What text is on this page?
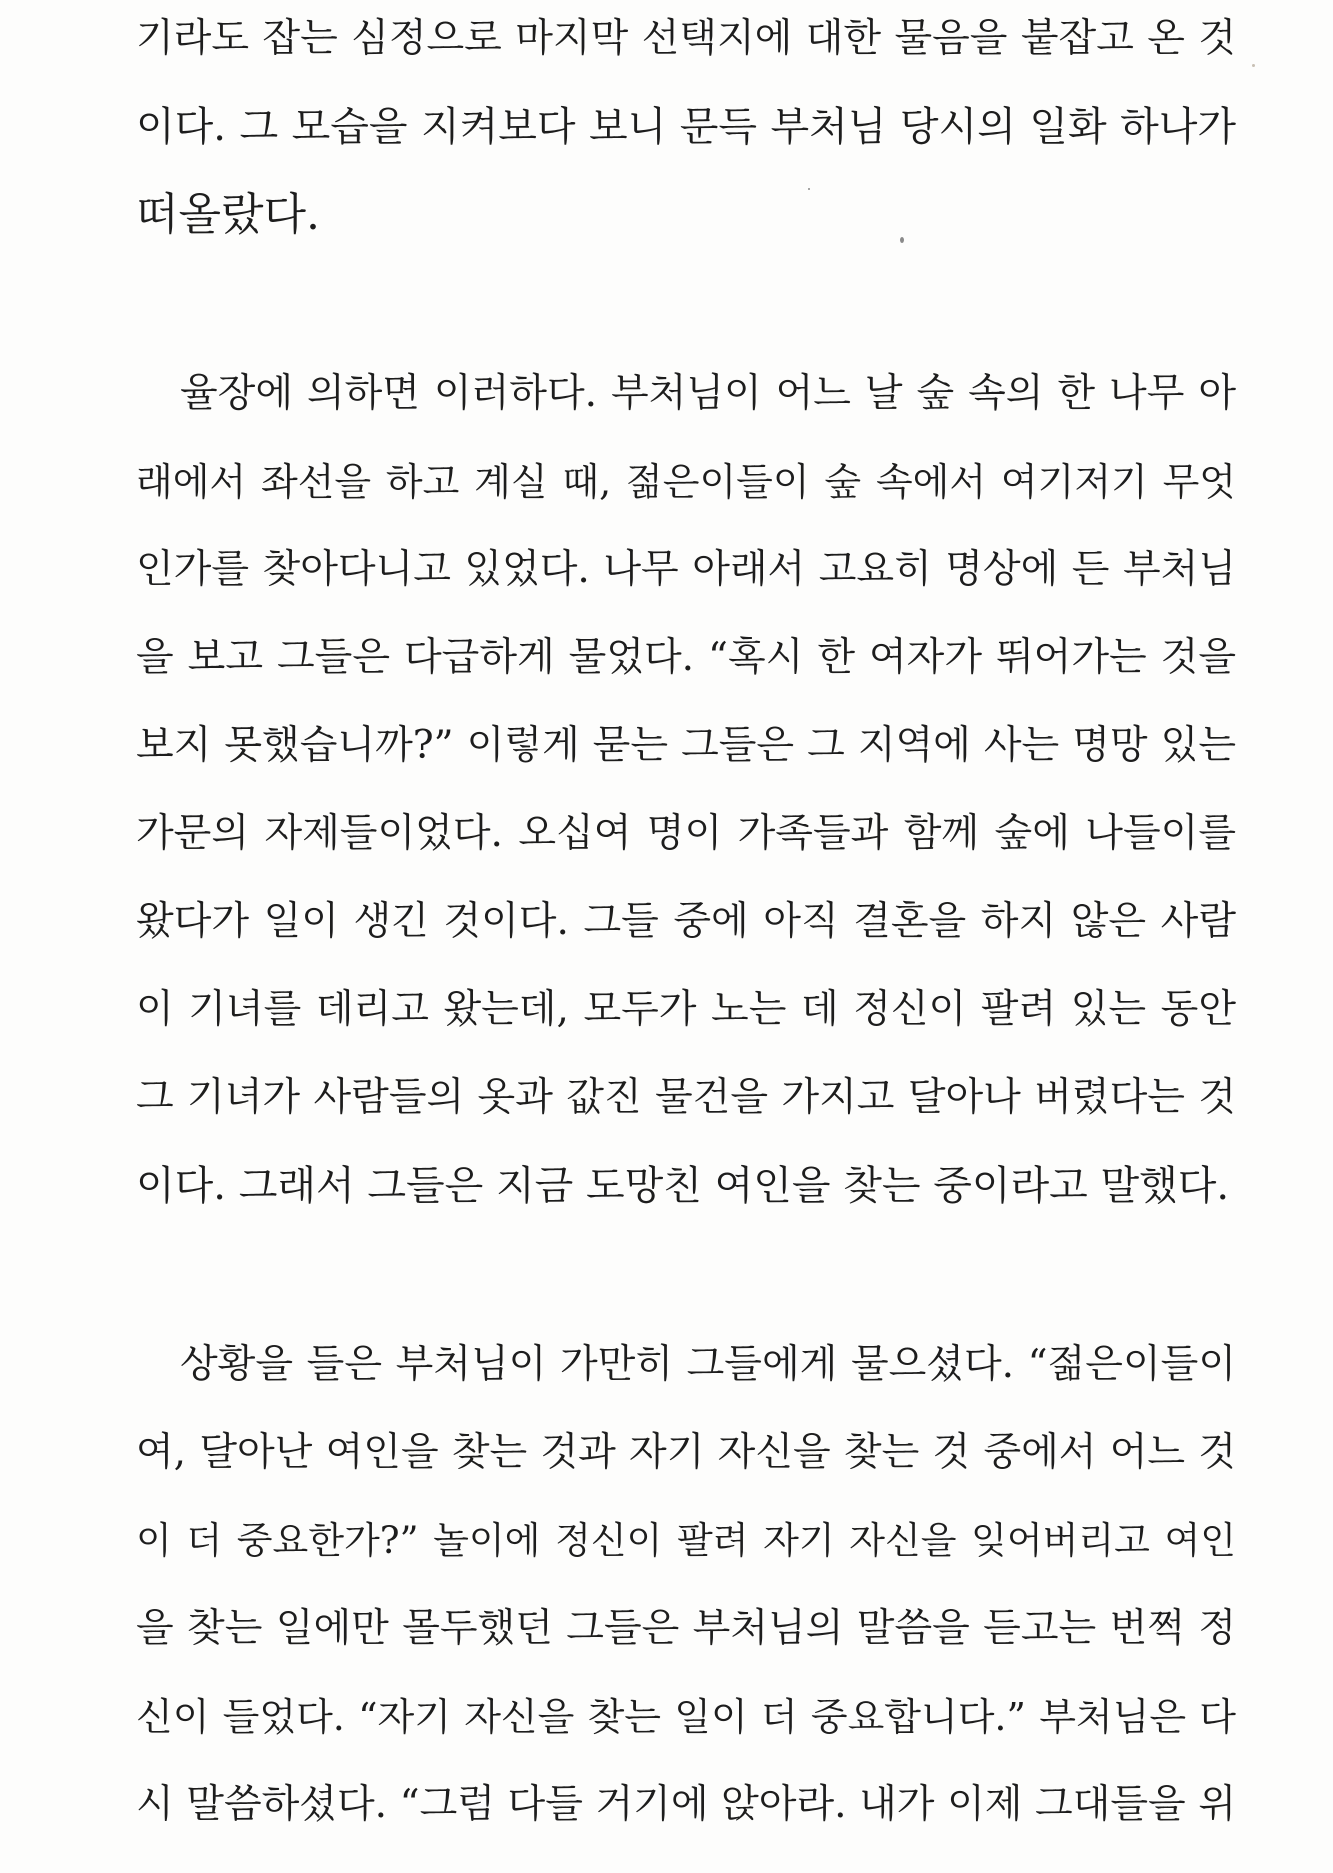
기라도 잡는 심정으로 마지막 선택지에 대한 물음을 붙잡고 온 것
이다. 그 모습을 지켜보다 보니 문득 부처님 당시의 일화 하나가
떠올랐다.
율장에 의하면 이러하다. 부처님이 어느 날 숲 속의 한 나무 아
래에서 좌선을 하고 계실 때, 젊은이들이 숲 속에서 여기저기 무엇
인가를 찾아다니고 있었다. 나무 아래서 고요히 명상에 든 부처님
을 보고 그들은 다급하게 물었다. “혹시 한 여자가 뛰어가는 것을
보지 못했습니까?” 이렇게 묻는 그들은 그 지역에 사는 명망 있는
가문의 자제들이었다. 오십여 명이 가족들과 함께 숲에 나들이를
왔다가 일이 생긴 것이다. 그들 중에 아직 결혼을 하지 않은 사람
이 기녀를 데리고 왔는데, 모두가 노는 데 정신이 팔려 있는 동안
그 기녀가 사람들의 옷과 값진 물건을 가지고 달아나 버렸다는 것
이다. 그래서 그들은 지금 도망친 여인을 찾는 중이라고 말했다.
상황을 들은 부처님이 가만히 그들에게 물으셨다. “젊은이들이
여, 달아난 여인을 찾는 것과 자기 자신을 찾는 것 중에서 어느 것
이 더 중요한가?” 놀이에 정신이 팔려 자기 자신을 잊어버리고 여인
을 찾는 일에만 몰두했던 그들은 부처님의 말씀을 듣고는 번쩍 정
신이 들었다. “자기 자신을 찾는 일이 더 중요합니다.” 부처님은 다
시 말씀하셨다. “그럼 다들 거기에 앉아라. 내가 이제 그대들을 위
